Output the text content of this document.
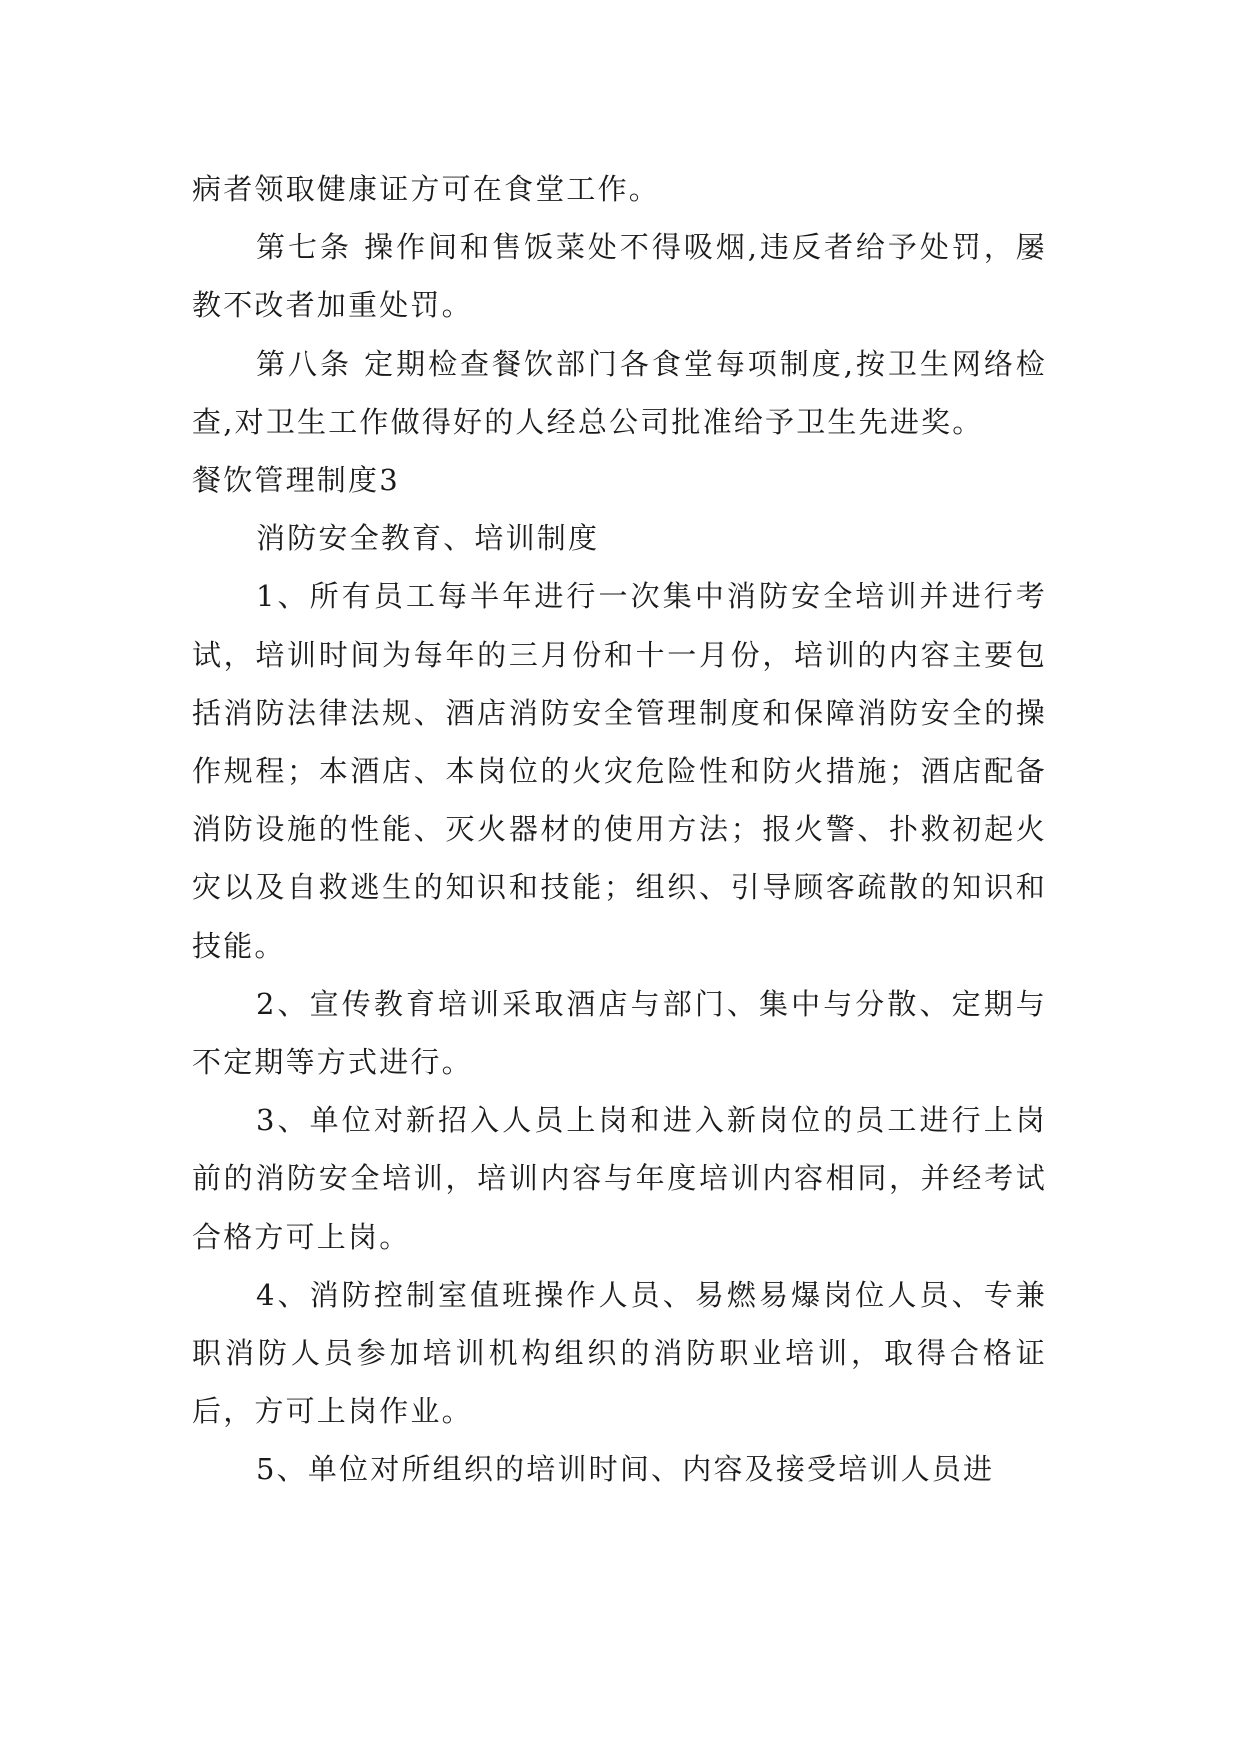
病者领取健康证方可在食堂工作。

第七条 操作间和售饭菜处不得吸烟,违反者给予处罚，屡教不改者加重处罚。

第八条 定期检查餐饮部门各食堂每项制度,按卫生网络检查,对卫生工作做得好的人经总公司批准给予卫生先进奖。

餐饮管理制度3

消防安全教育、培训制度

1、所有员工每半年进行一次集中消防安全培训并进行考试，培训时间为每年的三月份和十一月份，培训的内容主要包括消防法律法规、酒店消防安全管理制度和保障消防安全的操作规程；本酒店、本岗位的火灾危险性和防火措施；酒店配备消防设施的性能、灭火器材的使用方法；报火警、扑救初起火灾以及自救逃生的知识和技能；组织、引导顾客疏散的知识和技能。

2、宣传教育培训采取酒店与部门、集中与分散、定期与不定期等方式进行。

3、单位对新招入人员上岗和进入新岗位的员工进行上岗前的消防安全培训，培训内容与年度培训内容相同，并经考试合格方可上岗。

4、消防控制室值班操作人员、易燃易爆岗位人员、专兼职消防人员参加培训机构组织的消防职业培训，取得合格证后，方可上岗作业。

5、单位对所组织的培训时间、内容及接受培训人员进
